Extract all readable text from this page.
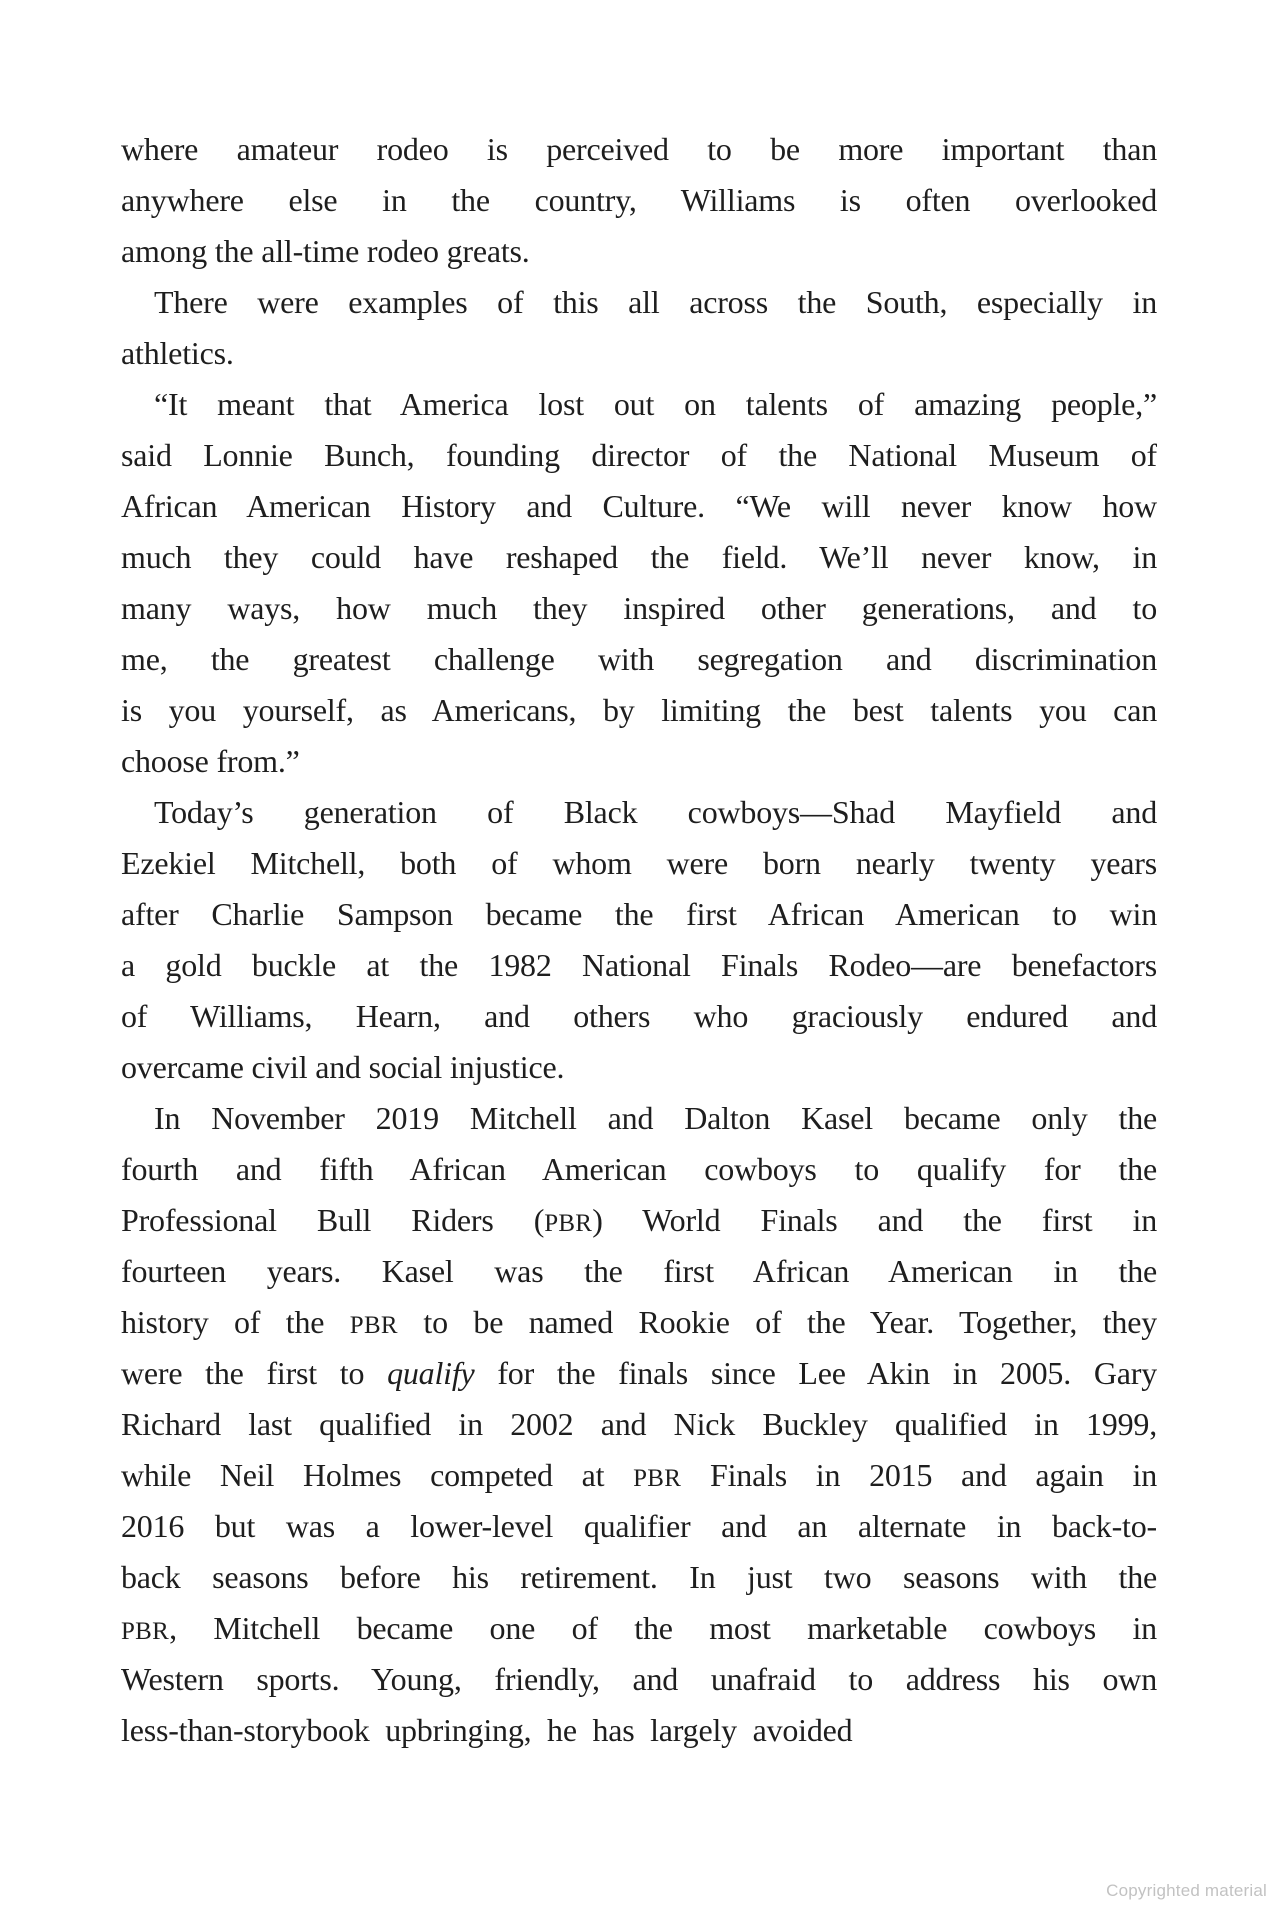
where amateur rodeo is perceived to be more important than
anywhere else in the country, Williams is often overlooked
among the all-time rodeo greats.
There were examples of this all across the South, especially in
athletics.
“It meant that America lost out on talents of amazing people,”
said Lonnie Bunch, founding director of the National Museum of
African American History and Culture. “We will never know how
much they could have reshaped the field. We’ll never know, in
many ways, how much they inspired other generations, and to
me, the greatest challenge with segregation and discrimination
is you yourself, as Americans, by limiting the best talents you can
choose from.”
Today’s generation of Black cowboys—Shad Mayfield and
Ezekiel Mitchell, both of whom were born nearly twenty years
after Charlie Sampson became the first African American to win
a gold buckle at the 1982 National Finals Rodeo—are benefactors
of Williams, Hearn, and others who graciously endured and
overcame civil and social injustice.
In November 2019 Mitchell and Dalton Kasel became only the
fourth and fifth African American cowboys to qualify for the
Professional Bull Riders (PBR) World Finals and the first in
fourteen years. Kasel was the first African American in the
history of the PBR to be named Rookie of the Year. Together, they
were the first to qualify for the finals since Lee Akin in 2005. Gary
Richard last qualified in 2002 and Nick Buckley qualified in 1999,
while Neil Holmes competed at PBR Finals in 2015 and again in
2016 but was a lower-level qualifier and an alternate in back-to-
back seasons before his retirement. In just two seasons with the
PBR, Mitchell became one of the most marketable cowboys in
Western sports. Young, friendly, and unafraid to address his own
less-than-storybook  upbringing,  he  has  largely  avoided
Copyrighted material
